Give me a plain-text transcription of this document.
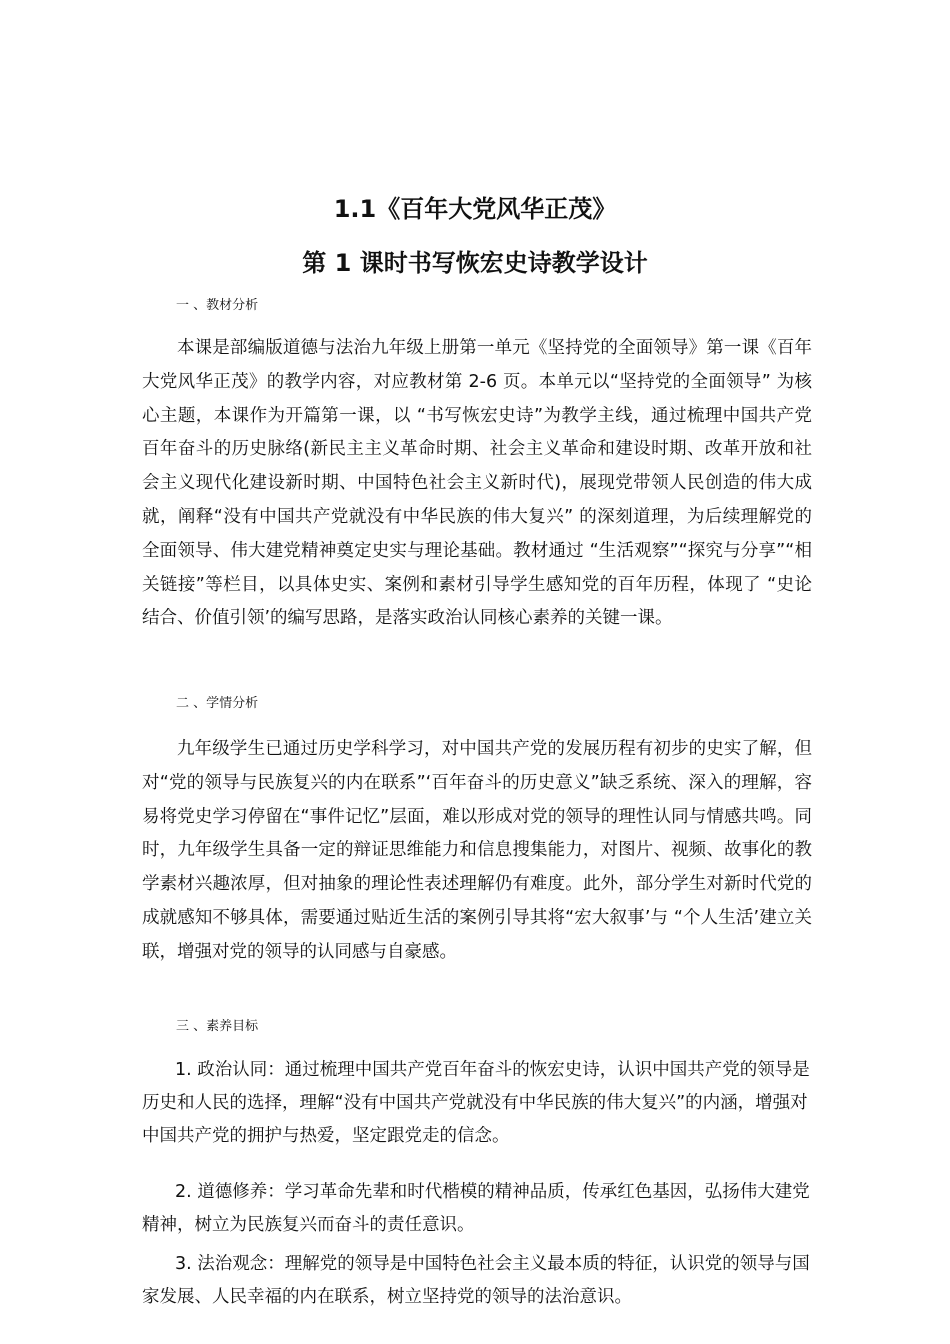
1.1《百年大党风华正茂》
第 1 课时书写恢宏史诗教学设计
一 、教材分析

本课是部编版道德与法治九年级上册第一单元《坚持党的全面领导》第一课《百年大党风华正茂》的教学内容，对应教材第 2-6 页。本单元以“坚持党的全面领导” 为核心主题，本课作为开篇第一课，以 “书写恢宏史诗”为教学主线，通过梳理中国共产党百年奋斗的历史脉络(新民主主义革命时期、社会主义革命和建设时期、改革开放和社会主义现代化建设新时期、中国特色社会主义新时代)，展现党带领人民创造的伟大成就，阐释“没有中国共产党就没有中华民族的伟大复兴” 的深刻道理，为后续理解党的全面领导、伟大建党精神奠定史实与理论基础。教材通过 “生活观察”“探究与分享”“相关链接”等栏目，以具体史实、案例和素材引导学生感知党的百年历程，体现了 “史论结合、价值引领’的编写思路，是落实政治认同核心素养的关键一课。

二 、学情分析

九年级学生已通过历史学科学习，对中国共产党的发展历程有初步的史实了解，但对“党的领导与民族复兴的内在联系”‘百年奋斗的历史意义”缺乏系统、深入的理解，容易将党史学习停留在“事件记忆”层面，难以形成对党的领导的理性认同与情感共鸣。同时，九年级学生具备一定的辩证思维能力和信息搜集能力，对图片、视频、故事化的教学素材兴趣浓厚，但对抽象的理论性表述理解仍有难度。此外，部分学生对新时代党的成就感知不够具体，需要通过贴近生活的案例引导其将“宏大叙事’与 “个人生活’建立关联，增强对党的领导的认同感与自豪感。

三 、素养目标

1. 政治认同：通过梳理中国共产党百年奋斗的恢宏史诗，认识中国共产党的领导是历史和人民的选择，理解“没有中国共产党就没有中华民族的伟大复兴”的内涵，增强对中国共产党的拥护与热爱，坚定跟党走的信念。

2. 道德修养：学习革命先辈和时代楷模的精神品质，传承红色基因，弘扬伟大建党精神，树立为民族复兴而奋斗的责任意识。

3. 法治观念：理解党的领导是中国特色社会主义最本质的特征，认识党的领导与国家发展、人民幸福的内在联系，树立坚持党的领导的法治意识。
